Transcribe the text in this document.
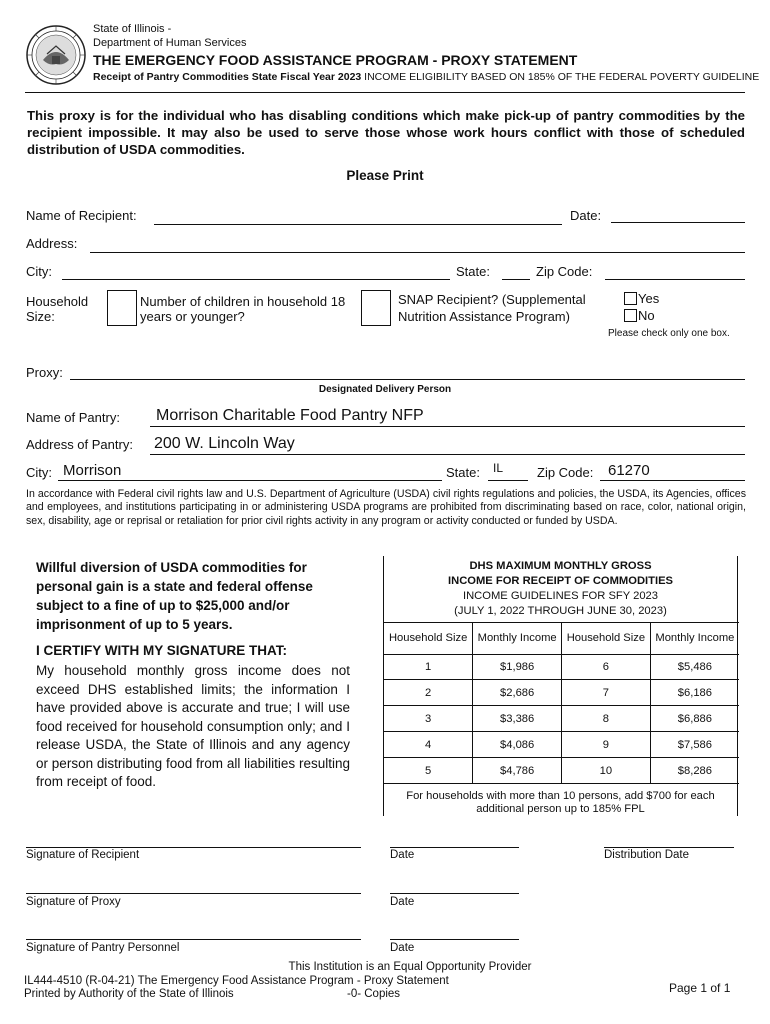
State of Illinois -
Department of Human Services
THE EMERGENCY FOOD ASSISTANCE PROGRAM - PROXY STATEMENT
Receipt of Pantry Commodities State Fiscal Year 2023 INCOME ELIGIBILITY BASED ON 185% OF THE FEDERAL POVERTY GUIDELINE
This proxy is for the individual who has disabling conditions which make pick-up of pantry commodities by the recipient impossible. It may also be used to serve those whose work hours conflict with those of scheduled distribution of USDA commodities.
Please Print
Name of Recipient:	Date:
Address:
City:	State:	Zip Code:
Household Size:
Number of children in household 18 years or younger?
SNAP Recipient? (Supplemental Nutrition Assistance Program)
Yes
No
Please check only one box.
Proxy:
Designated Delivery Person
Name of Pantry: Morrison Charitable Food Pantry NFP
Address of Pantry: 200 W. Lincoln Way
City: Morrison	State: IL	Zip Code: 61270
In accordance with Federal civil rights law and U.S. Department of Agriculture (USDA) civil rights regulations and policies, the USDA, its Agencies, offices and employees, and institutions participating in or administering USDA programs are prohibited from discriminating based on race, color, national origin, sex, disability, age or reprisal or retaliation for prior civil rights activity in any program or activity conducted or funded by USDA.
Willful diversion of USDA commodities for personal gain is a state and federal offense subject to a fine of up to $25,000 and/or imprisonment of up to 5 years.
I CERTIFY WITH MY SIGNATURE THAT:
My household monthly gross income does not exceed DHS established limits; the information I have provided above is accurate and true; I will use food received for household consumption only; and I release USDA, the State of Illinois and any agency or person distributing food from all liabilities resulting from receipt of food.
DHS MAXIMUM MONTHLY GROSS
INCOME FOR RECEIPT OF COMMODITIES
INCOME GUIDELINES FOR SFY 2023
(JULY 1, 2022 THROUGH JUNE 30, 2023)
Household Size	Monthly Income	Household Size	Monthly Income
1	$1,986	6	$5,486
2	$2,686	7	$6,186
3	$3,386	8	$6,886
4	$4,086	9	$7,586
5	$4,786	10	$8,286
For households with more than 10 persons, add $700 for each additional person up to 185% FPL
Signature of Recipient	Date	Distribution Date
Signature of Proxy	Date
Signature of Pantry Personnel	Date
This Institution is an Equal Opportunity Provider
IL444-4510 (R-04-21) The Emergency Food Assistance Program - Proxy Statement
Printed by Authority of the State of Illinois	-0- Copies	Page 1 of 1
